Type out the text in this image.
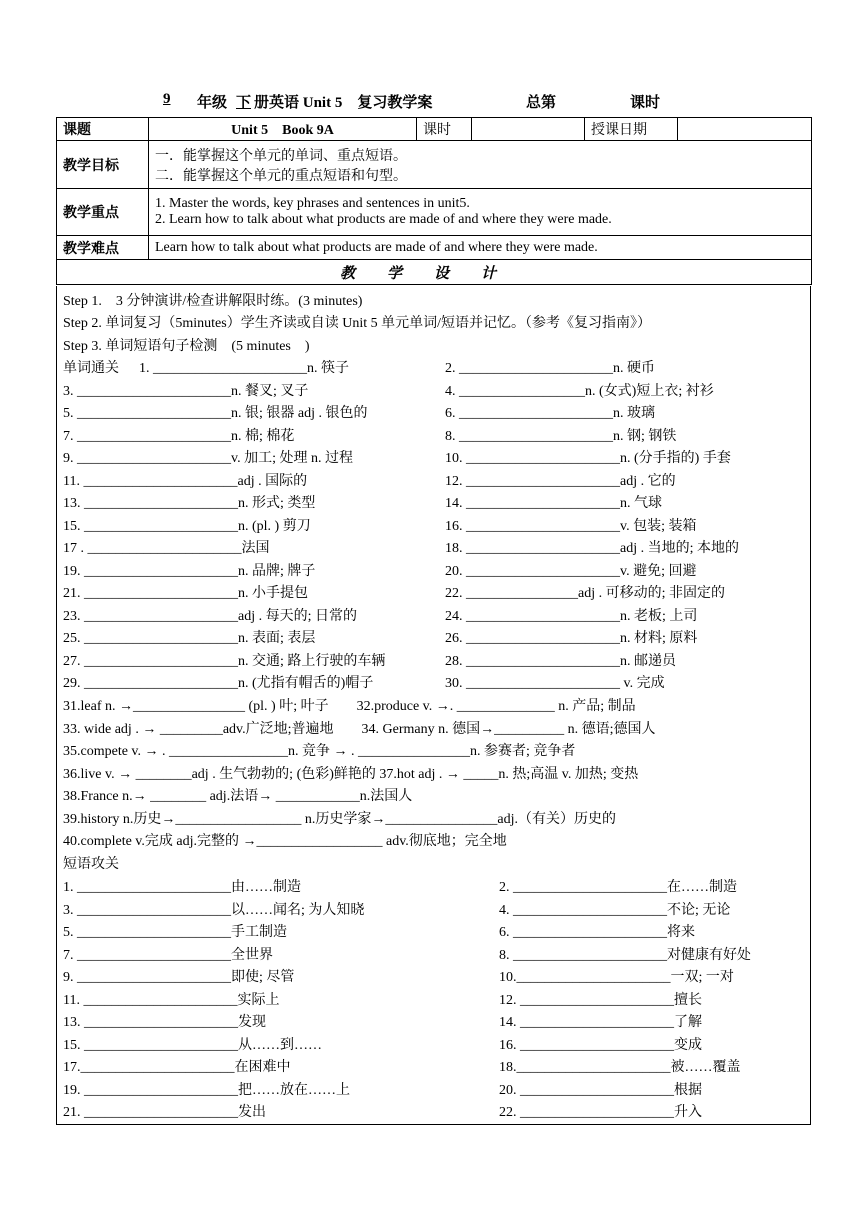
9 年级 下 册英语 Unit 5　复习教学案	总第	课时
课题	Unit 5　Book 9A	课时		授课日期	
教学目标	一．能掌握这个单元的单词、重点短语。
二．能掌握这个单元的重点短语和句型。				

教学重点	1. Master the words, key phrases and sentences in unit5.
2. Learn how to talk about what products are made of and where they were made.				

教学难点	Learn how to talk about what products are made of and where they were made.				
教学设计					
Step 1.　3 分钟演讲/检查讲解限时练。(3 minutes)
Step 2. 单词复习（5minutes）学生齐读或自读 Unit 5 单元单词/短语并记忆。（参考《复习指南》）
Step 3. 单词短语句子检测　(5 minutes　)
单词通关 1. ______________________n. 筷子	2. ______________________n. 硬币
3. ______________________n. 餐叉; 叉子	4. __________________n. (女式)短上衣; 衬衫
5. ______________________n. 银; 银器 adj . 银色的	6. ______________________n. 玻璃
7. ______________________n. 棉; 棉花	8. ______________________n. 钢; 钢铁
9. ______________________v. 加工; 处理 n. 过程	10. ______________________n. (分手指的) 手套
11. ______________________adj . 国际的	12. ______________________adj . 它的
13. ______________________n. 形式; 类型	14. ______________________n. 气球
15. ______________________n. (pl. ) 剪刀	16. ______________________v. 包装; 装箱
17 . ______________________法国	18. ______________________adj . 当地的; 本地的
19. ______________________n. 品牌; 牌子	20. ______________________v. 避免; 回避
21. ______________________n. 小手提包	22. ________________adj . 可移动的; 非固定的
23. ______________________adj . 每天的; 日常的	24. ______________________n. 老板; 上司
25. ______________________n. 表面; 表层	26. ______________________n. 材料; 原料
27. ______________________n. 交通; 路上行驶的车辆	28. ______________________n. 邮递员
29. ______________________n. (尤指有帽舌的)帽子	30. ______________________ v. 完成
31.leaf n. →________________ (pl. ) 叶; 叶子　　32.produce v. →. ______________ n. 产品; 制品
33. wide adj . → _________adv.广泛地;普遍地　　34. Germany n. 德国→__________ n. 德语;德国人
35.compete v. → . _________________n. 竞争 → . ________________n. 参赛者; 竞争者
36.live v. → ________adj . 生气勃勃的; (色彩)鲜艳的 37.hot adj . → _____n. 热;高温 v. 加热; 变热
38.France n.→ ________ adj.法语→ ____________n.法国人
39.history n.历史→__________________ n.历史学家→________________adj.（有关）历史的
40.complete v.完成 adj.完整的 →__________________ adv.彻底地；完全地
短语攻关
1. ______________________由……制造	2. ______________________在……制造
3. ______________________以……闻名; 为人知晓	4. ______________________不论; 无论
5. ______________________手工制造	6. ______________________将来
7. ______________________全世界	8. ______________________对健康有好处
9. ______________________即使; 尽管	10.______________________一双; 一对
11. ______________________实际上	12. ______________________擅长
13. ______________________发现	14. ______________________了解
15. ______________________从……到……	16. ______________________变成
17.______________________在困难中	18.______________________被……覆盖
19. ______________________把……放在……上	20. ______________________根据
21. ______________________发出	22. ______________________升入
